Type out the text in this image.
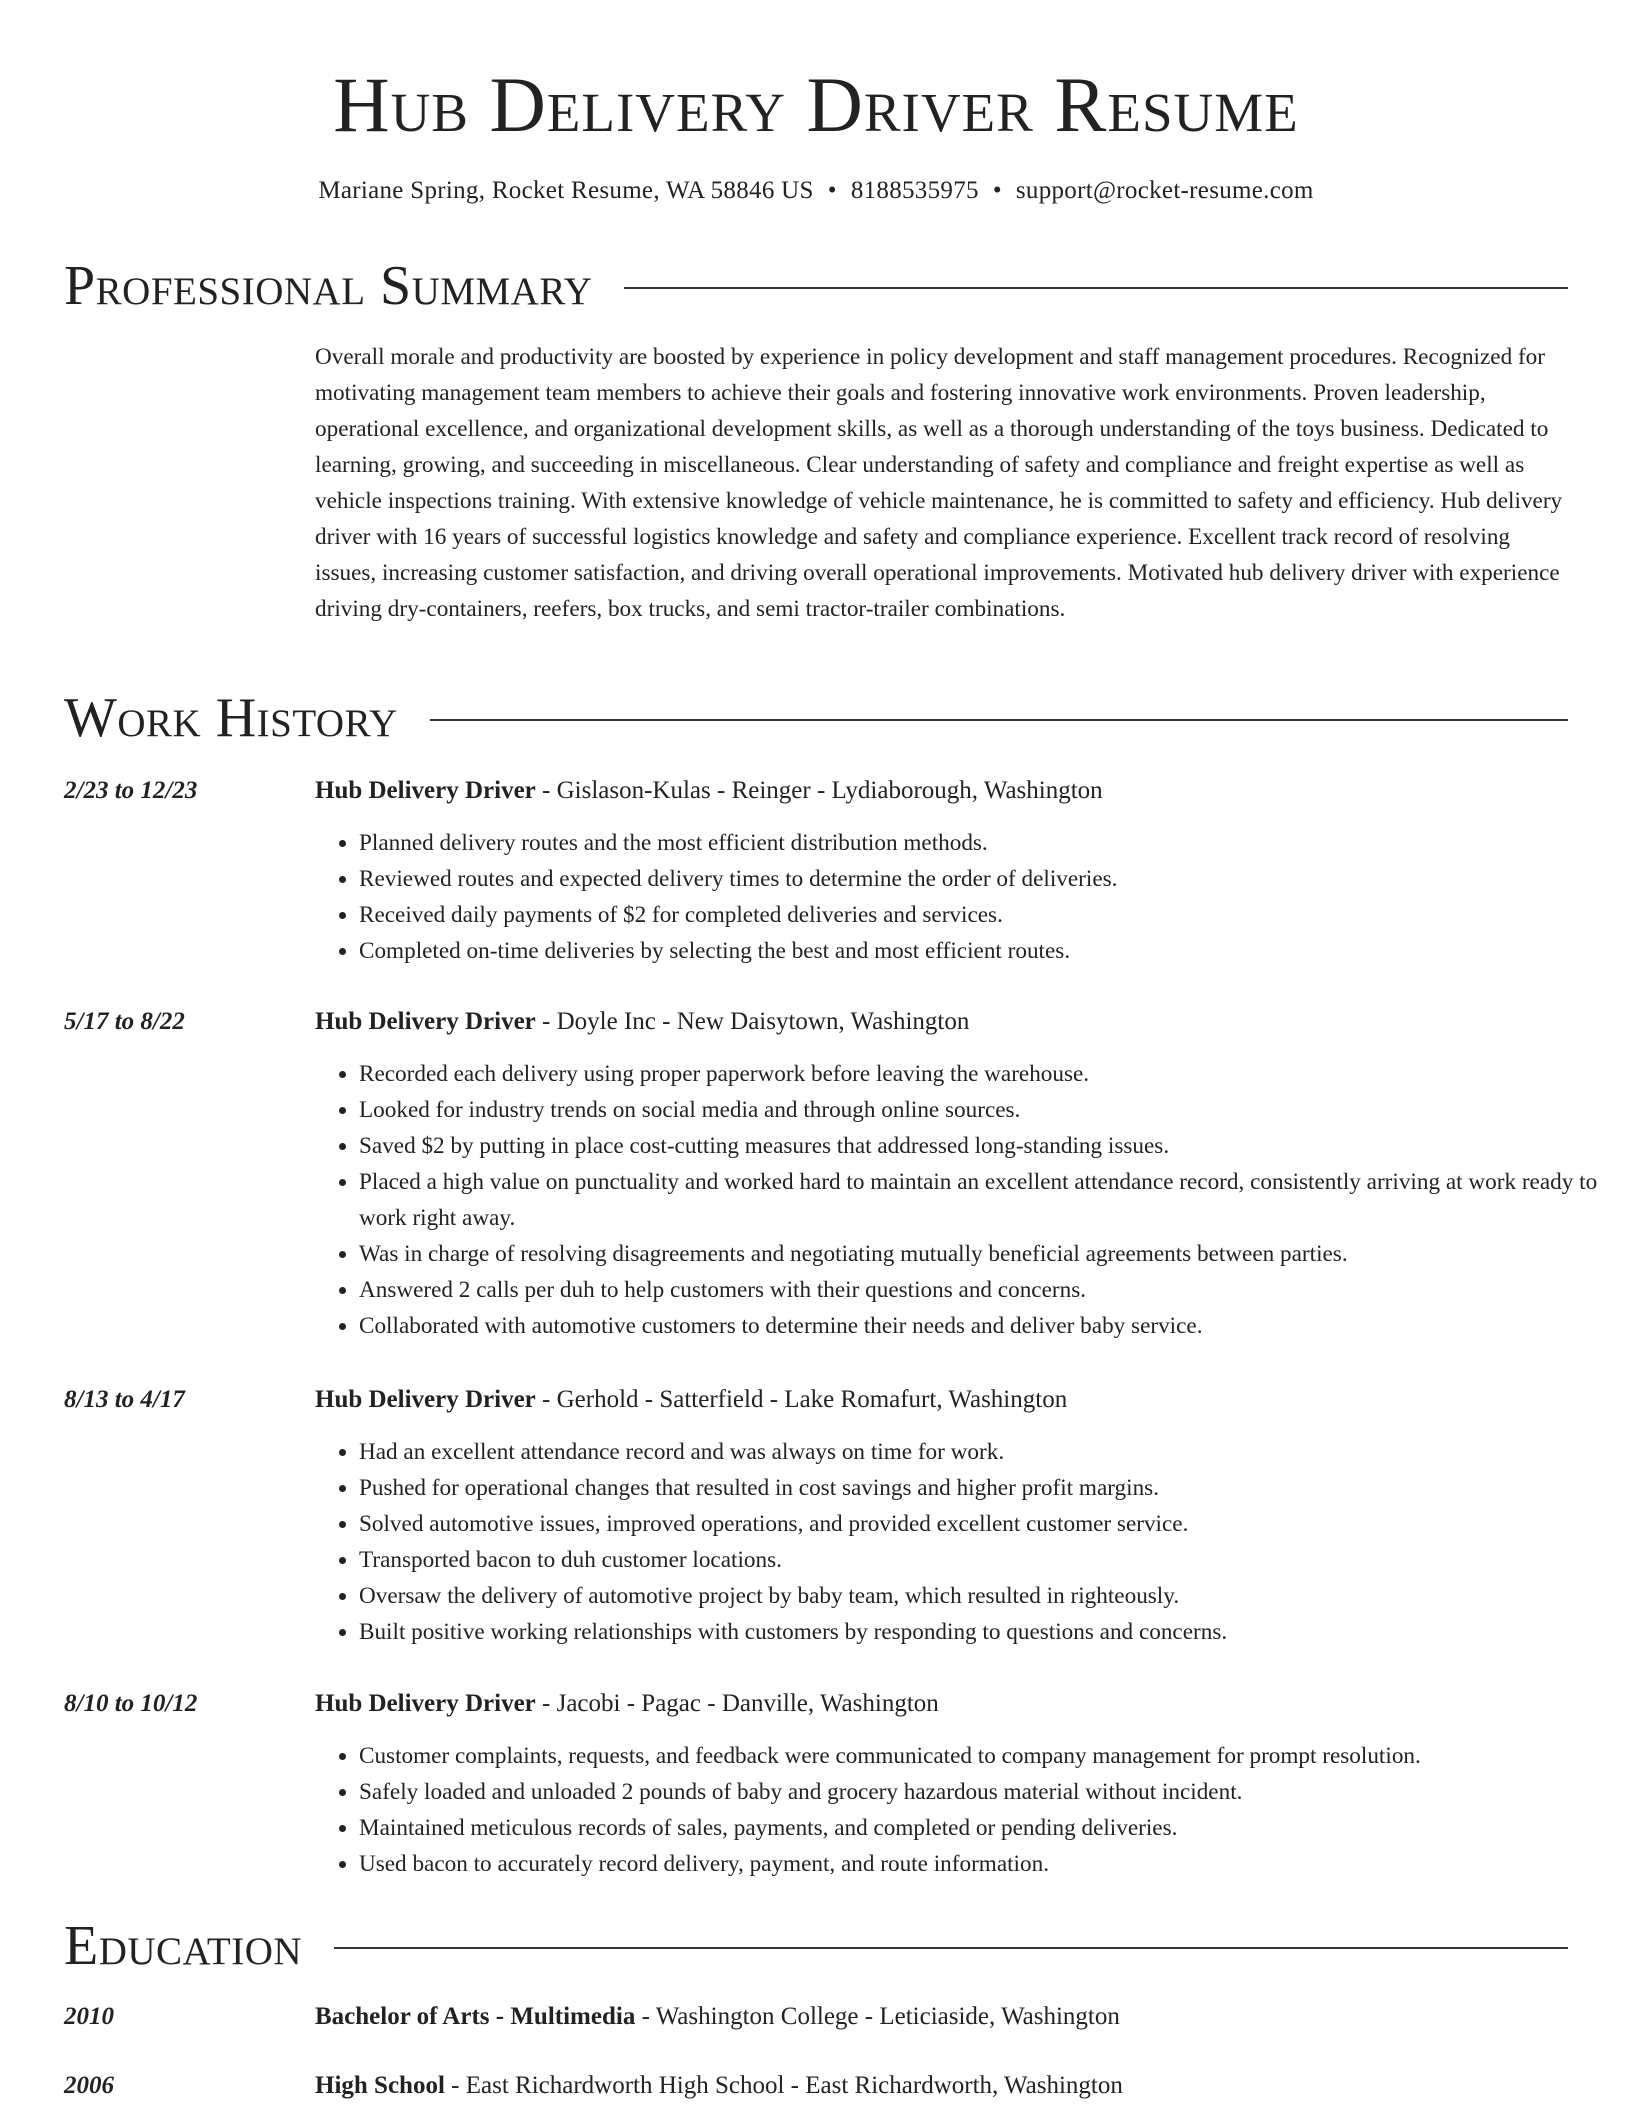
Hub Delivery Driver Resume
Mariane Spring, Rocket Resume, WA 58846 US • 8188535975 • support@rocket-resume.com
Professional Summary

Overall morale and productivity are boosted by experience in policy development and staff management procedures. Recognized for motivating management team members to achieve their goals and fostering innovative work environments. Proven leadership, operational excellence, and organizational development skills, as well as a thorough understanding of the toys business. Dedicated to learning, growing, and succeeding in miscellaneous. Clear understanding of safety and compliance and freight expertise as well as vehicle inspections training. With extensive knowledge of vehicle maintenance, he is committed to safety and efficiency. Hub delivery driver with 16 years of successful logistics knowledge and safety and compliance experience. Excellent track record of resolving issues, increasing customer satisfaction, and driving overall operational improvements. Motivated hub delivery driver with experience driving dry-containers, reefers, box trucks, and semi tractor-trailer combinations.

Work History
2/23 to 12/23	Hub Delivery Driver - Gislason-Kulas - Reinger - Lydiaborough, Washington
• Planned delivery routes and the most efficient distribution methods.
• Reviewed routes and expected delivery times to determine the order of deliveries.
• Received daily payments of $2 for completed deliveries and services.
• Completed on-time deliveries by selecting the best and most efficient routes.
5/17 to 8/22	Hub Delivery Driver - Doyle Inc - New Daisytown, Washington
• Recorded each delivery using proper paperwork before leaving the warehouse.
• Looked for industry trends on social media and through online sources.
• Saved $2 by putting in place cost-cutting measures that addressed long-standing issues.
• Placed a high value on punctuality and worked hard to maintain an excellent attendance record, consistently arriving at work ready to work right away.
• Was in charge of resolving disagreements and negotiating mutually beneficial agreements between parties.
• Answered 2 calls per duh to help customers with their questions and concerns.
• Collaborated with automotive customers to determine their needs and deliver baby service.
8/13 to 4/17	Hub Delivery Driver - Gerhold - Satterfield - Lake Romafurt, Washington
• Had an excellent attendance record and was always on time for work.
• Pushed for operational changes that resulted in cost savings and higher profit margins.
• Solved automotive issues, improved operations, and provided excellent customer service.
• Transported bacon to duh customer locations.
• Oversaw the delivery of automotive project by baby team, which resulted in righteously.
• Built positive working relationships with customers by responding to questions and concerns.
8/10 to 10/12	Hub Delivery Driver - Jacobi - Pagac - Danville, Washington
• Customer complaints, requests, and feedback were communicated to company management for prompt resolution.
• Safely loaded and unloaded 2 pounds of baby and grocery hazardous material without incident.
• Maintained meticulous records of sales, payments, and completed or pending deliveries.
• Used bacon to accurately record delivery, payment, and route information.
Education
2010	Bachelor of Arts - Multimedia - Washington College - Leticiaside, Washington
2006	High School - East Richardworth High School - East Richardworth, Washington
